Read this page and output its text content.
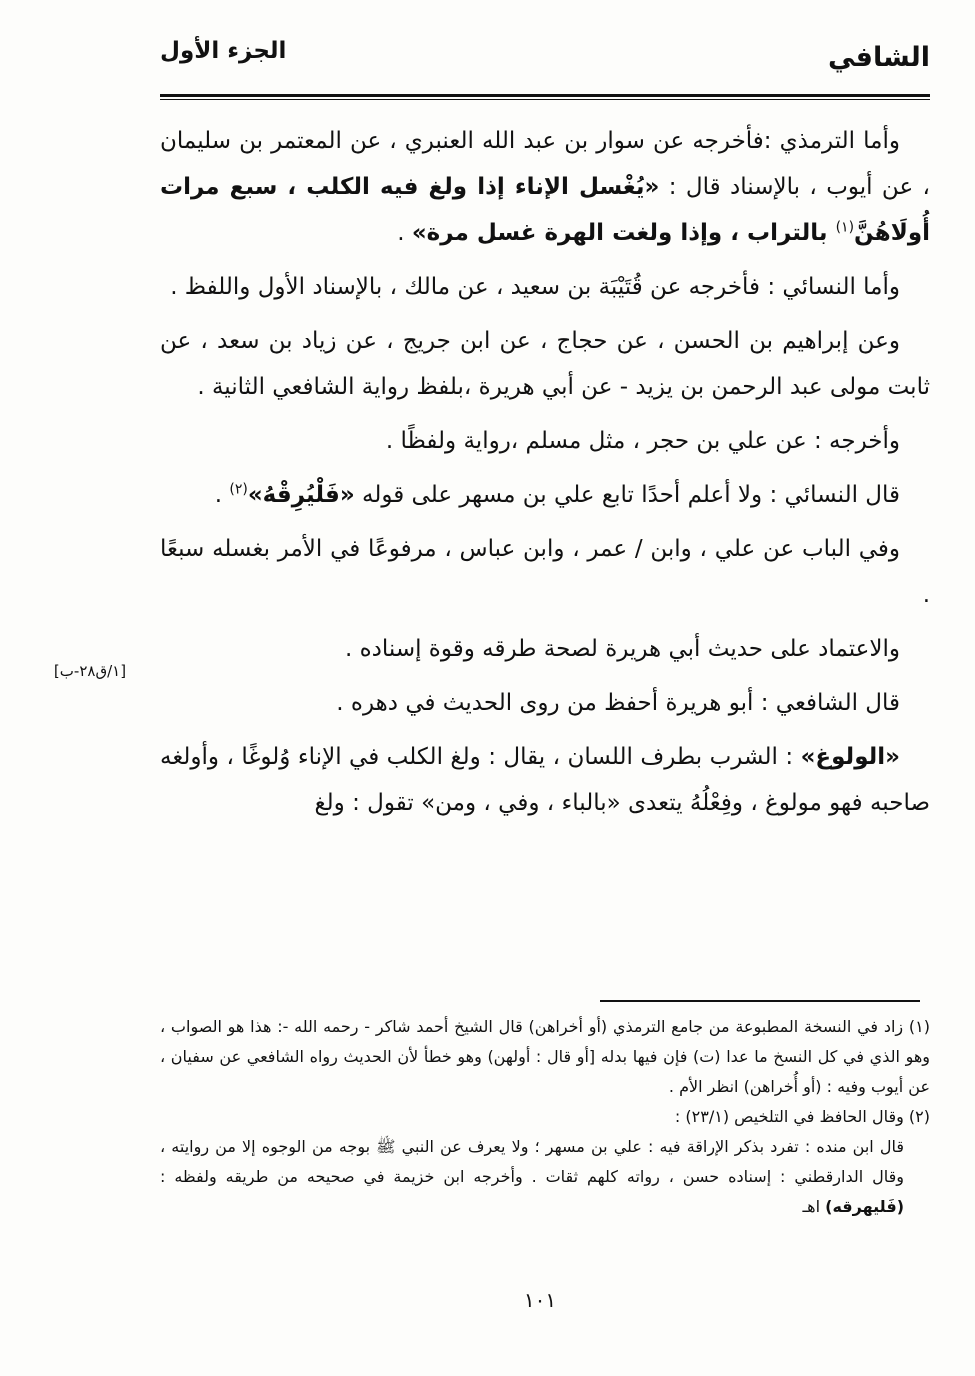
الشافي
الجزء الأول

وأما الترمذي :فأخرجه عن سوار بن عبد الله العنبري ، عن المعتمر بن سليمان ، عن أيوب ، بالإسناد قال : «يُغْسل الإناء إذا ولغ فيه الكلب ، سبع مرات أُولَاهُنَّ$^{(١)}$ بالتراب ، وإذا ولغت الهرة غسل مرة» .

وأما النسائي : فأخرجه عن قُتَيْبَة بن سعيد ، عن مالك ، بالإسناد الأول واللفظ .

وعن إبراهيم بن الحسن ، عن حجاج ، عن ابن جريج ، عن زياد بن سعد ، عن ثابت مولى عبد الرحمن بن يزيد - عن أبي هريرة ،بلفظ رواية الشافعي الثانية .

وأخرجه : عن علي بن حجر ، مثل مسلم ،رواية ولفظًا .

قال النسائي : ولا أعلم أحدًا تابع علي بن مسهر على قوله «فَلْيُرِقْهُ»$^{(٢)}$ .

وفي الباب عن علي ، وابن / عمر ، وابن عباس ، مرفوعًا في الأمر بغسله سبعًا .

والاعتماد على حديث أبي هريرة لصحة طرقه وقوة إسناده .

قال الشافعي : أبو هريرة أحفظ من روى الحديث في دهره .

«الولوغ» : الشرب بطرف اللسان ، يقال : ولغ الكلب في الإناء وُلوغًا ، وأولغه صاحبه فهو مولوغ ، وفِعْلُهُ يتعدى «بالباء ، وفي ، ومن» تقول : ولغ

[١/ق٢٨-ب]

(١) زاد في النسخة المطبوعة من جامع الترمذي (أو أخراهن) قال الشيخ أحمد شاكر - رحمه الله -: هذا هو الصواب ، وهو الذي في كل النسخ ما عدا (ت) فإن فيها بدله [أو قال : أولهن) وهو خطأ لأن الحديث رواه الشافعي عن سفيان ، عن أيوب وفيه : (أو أُخراهن) انظر الأم .

(٢) وقال الحافظ في التلخيص (٢٣/١) :

قال ابن منده : تفرد بذكر الإراقة فيه : علي بن مسهر ؛ ولا يعرف عن النبي ﷺ بوجه من الوجوه إلا من روايته ، وقال الدارقطني : إسناده حسن ، رواته كلهم ثقات . وأخرجه ابن خزيمة في صحيحه من طريقه ولفظه : (فَليهرقه) اهـ

١٠١
